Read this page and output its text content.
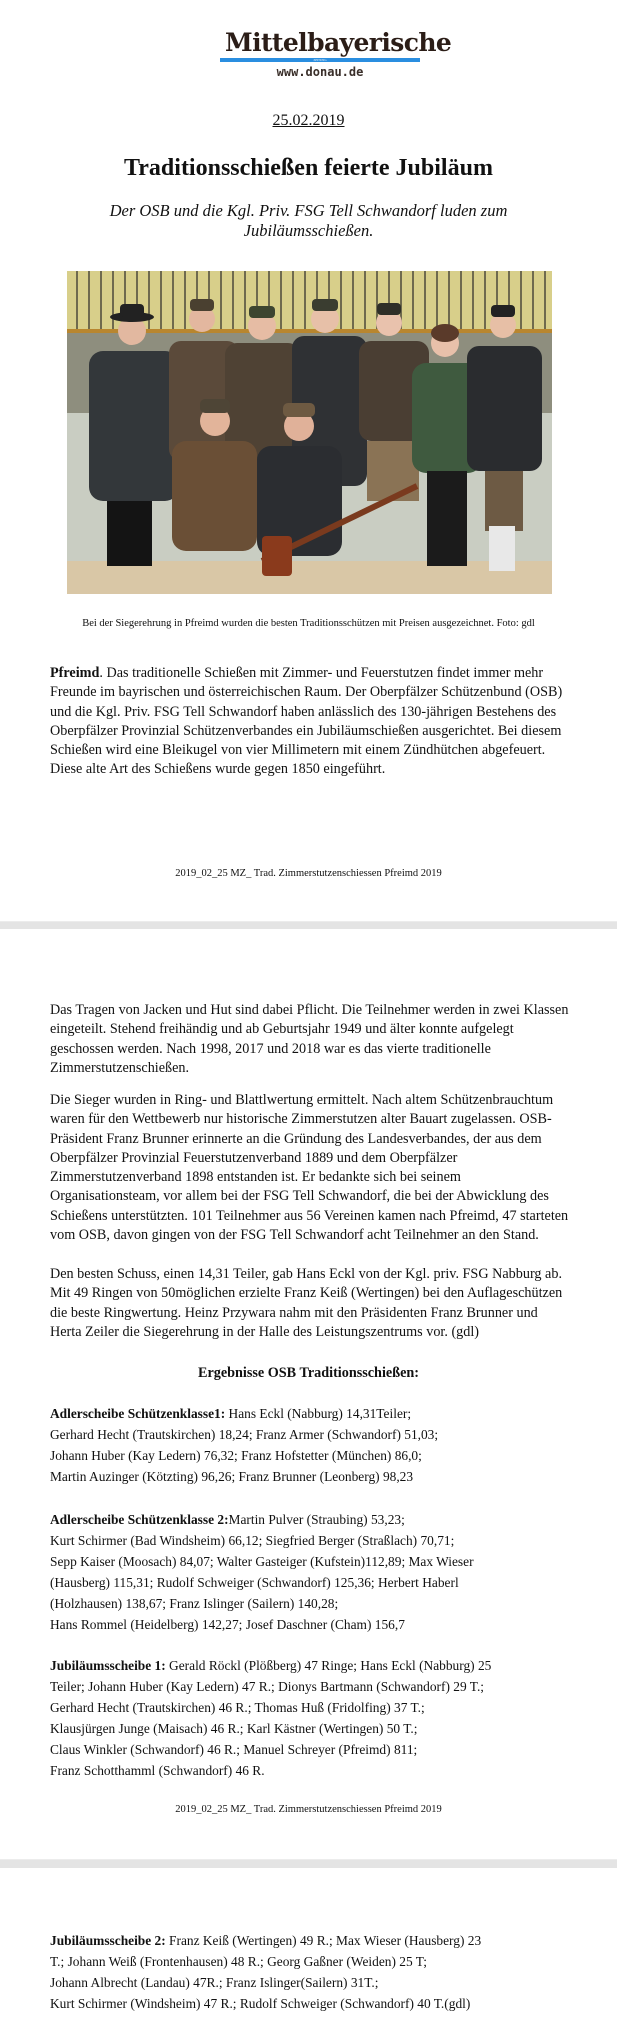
Mittelbayerische
ZEITUNG
www.donau.de
25.02.2019
Traditionsschießen feierte Jubiläum
Der OSB und die Kgl. Priv. FSG Tell Schwandorf luden zum Jubiläumsschießen.
Bei der Siegerehrung in Pfreimd wurden die besten Traditionsschützen mit Preisen ausgezeichnet. Foto: gdl

Pfreimd. Das traditionelle Schießen mit Zimmer- und Feuerstutzen findet immer mehr Freunde im bayrischen und österreichischen Raum. Der Oberpfälzer Schützenbund (OSB) und die Kgl. Priv. FSG Tell Schwandorf haben anlässlich des 130-jährigen Bestehens des Oberpfälzer Provinzial Schützenverbandes ein Jubiläumschießen ausgerichtet. Bei diesem Schießen wird eine Bleikugel von vier Millimetern mit einem Zündhütchen abgefeuert. Diese alte Art des Schießens wurde gegen 1850 eingeführt.

2019_02_25 MZ_ Trad. Zimmerstutzenschiessen Pfreimd 2019

Das Tragen von Jacken und Hut sind dabei Pflicht. Die Teilnehmer werden in zwei Klassen eingeteilt. Stehend freihändig und ab Geburtsjahr 1949 und älter konnte aufgelegt geschossen werden. Nach 1998, 2017 und 2018 war es das vierte traditionelle Zimmerstutzenschießen.

Die Sieger wurden in Ring- und Blattlwertung ermittelt. Nach altem Schützenbrauchtum waren für den Wettbewerb nur historische Zimmerstutzen alter Bauart zugelassen. OSB-Präsident Franz Brunner erinnerte an die Gründung des Landesverbandes, der aus dem Oberpfälzer Provinzial Feuerstutzenverband 1889 und dem Oberpfälzer Zimmerstutzenverband 1898 entstanden ist. Er bedankte sich bei seinem Organisationsteam, vor allem bei der FSG Tell Schwandorf, die bei der Abwicklung des Schießens unterstützten. 101 Teilnehmer aus 56 Vereinen kamen nach Pfreimd, 47 starteten vom OSB, davon gingen von der FSG Tell Schwandorf acht Teilnehmer an den Stand.

Den besten Schuss, einen 14,31 Teiler, gab Hans Eckl von der Kgl. priv. FSG Nabburg ab. Mit 49 Ringen von 50möglichen erzielte Franz Keiß (Wertingen) bei den Auflageschützen die beste Ringwertung. Heinz Przywara nahm mit den Präsidenten Franz Brunner und Herta Zeiler die Siegerehrung in der Halle des Leistungszentrums vor. (gdl)

Ergebnisse OSB Traditionsschießen:

Adlerscheibe Schützenklasse1: Hans Eckl (Nabburg) 14,31Teiler;

Gerhard Hecht (Trautskirchen) 18,24; Franz Armer (Schwandorf) 51,03;

Johann Huber (Kay Ledern) 76,32; Franz Hofstetter (München) 86,0;

Martin Auzinger (Kötzting) 96,26; Franz Brunner (Leonberg) 98,23

Adlerscheibe Schützenklasse 2:Martin Pulver (Straubing) 53,23;

Kurt Schirmer (Bad Windsheim) 66,12; Siegfried Berger (Straßlach) 70,71;

Sepp Kaiser (Moosach) 84,07; Walter Gasteiger (Kufstein)112,89; Max Wieser

(Hausberg) 115,31; Rudolf Schweiger (Schwandorf) 125,36; Herbert Haberl

(Holzhausen) 138,67; Franz Islinger (Sailern) 140,28;

Hans Rommel (Heidelberg) 142,27; Josef Daschner (Cham) 156,7

Jubiläumsscheibe 1: Gerald Röckl (Plößberg) 47 Ringe; Hans Eckl (Nabburg) 25

Teiler; Johann Huber (Kay Ledern) 47 R.; Dionys Bartmann (Schwandorf) 29 T.;

Gerhard Hecht (Trautskirchen) 46 R.; Thomas Huß (Fridolfing) 37 T.;

Klausjürgen Junge (Maisach) 46 R.; Karl Kästner (Wertingen) 50 T.;

Claus Winkler (Schwandorf) 46 R.; Manuel Schreyer (Pfreimd) 811;

Franz Schotthamml (Schwandorf) 46 R.

2019_02_25 MZ_ Trad. Zimmerstutzenschiessen Pfreimd 2019

Jubiläumsscheibe 2: Franz Keiß (Wertingen) 49 R.; Max Wieser (Hausberg) 23

T.; Johann Weiß (Frontenhausen) 48 R.; Georg Gaßner (Weiden) 25 T;

Johann Albrecht (Landau) 47R.; Franz Islinger(Sailern) 31T.;

Kurt Schirmer (Windsheim) 47 R.; Rudolf Schweiger (Schwandorf) 40 T.(gdl)
